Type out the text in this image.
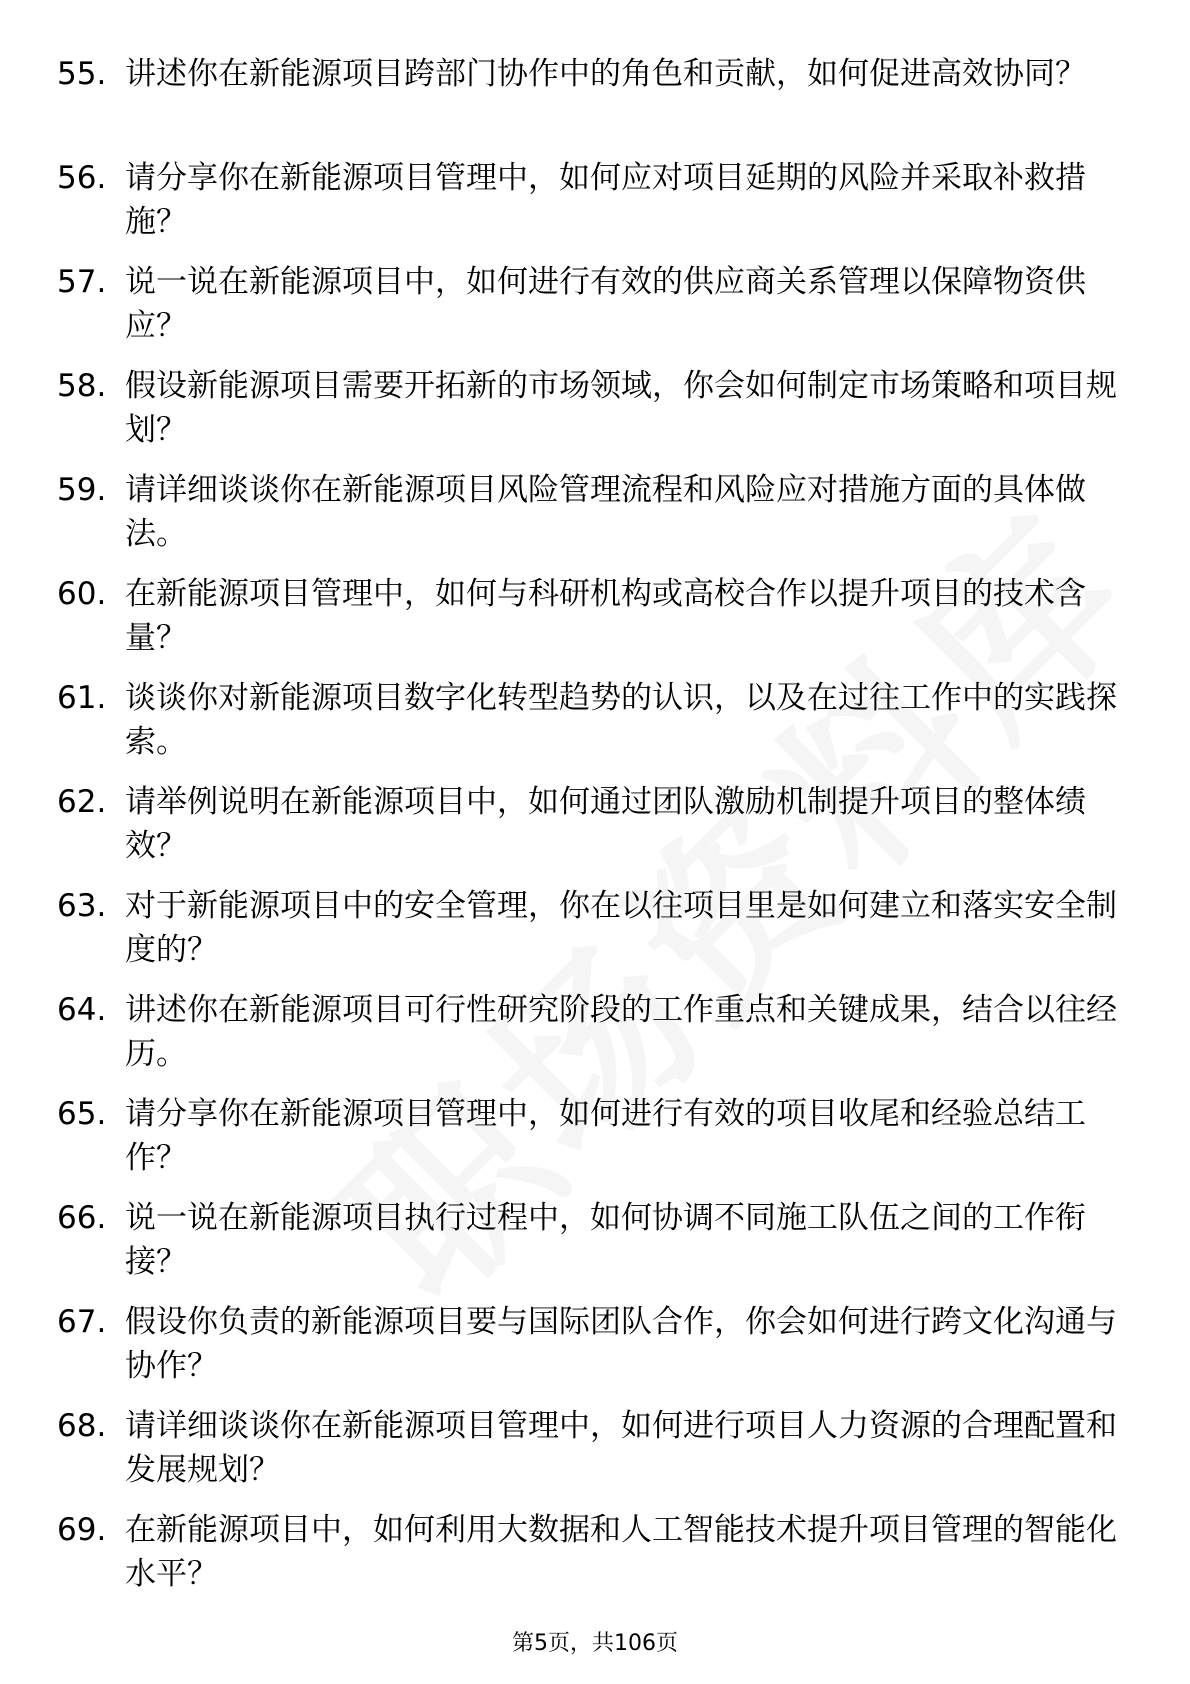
55. 讲述你在新能源项目跨部门协作中的角色和贡献，如何促进高效协同？
56. 请分享你在新能源项目管理中，如何应对项目延期的风险并采取补救措施？
57. 说一说在新能源项目中，如何进行有效的供应商关系管理以保障物资供应？
58. 假设新能源项目需要开拓新的市场领域，你会如何制定市场策略和项目规划？
59. 请详细谈谈你在新能源项目风险管理流程和风险应对措施方面的具体做法。
60. 在新能源项目管理中，如何与科研机构或高校合作以提升项目的技术含量？
61. 谈谈你对新能源项目数字化转型趋势的认识，以及在过往工作中的实践探索。
62. 请举例说明在新能源项目中，如何通过团队激励机制提升项目的整体绩效？
63. 对于新能源项目中的安全管理，你在以往项目里是如何建立和落实安全制度的？
64. 讲述你在新能源项目可行性研究阶段的工作重点和关键成果，结合以往经历。
65. 请分享你在新能源项目管理中，如何进行有效的项目收尾和经验总结工作？
66. 说一说在新能源项目执行过程中，如何协调不同施工队伍之间的工作衔接？
67. 假设你负责的新能源项目要与国际团队合作，你会如何进行跨文化沟通与协作？
68. 请详细谈谈你在新能源项目管理中，如何进行项目人力资源的合理配置和发展规划？
69. 在新能源项目中，如何利用大数据和人工智能技术提升项目管理的智能化水平？
第5页，共106页
